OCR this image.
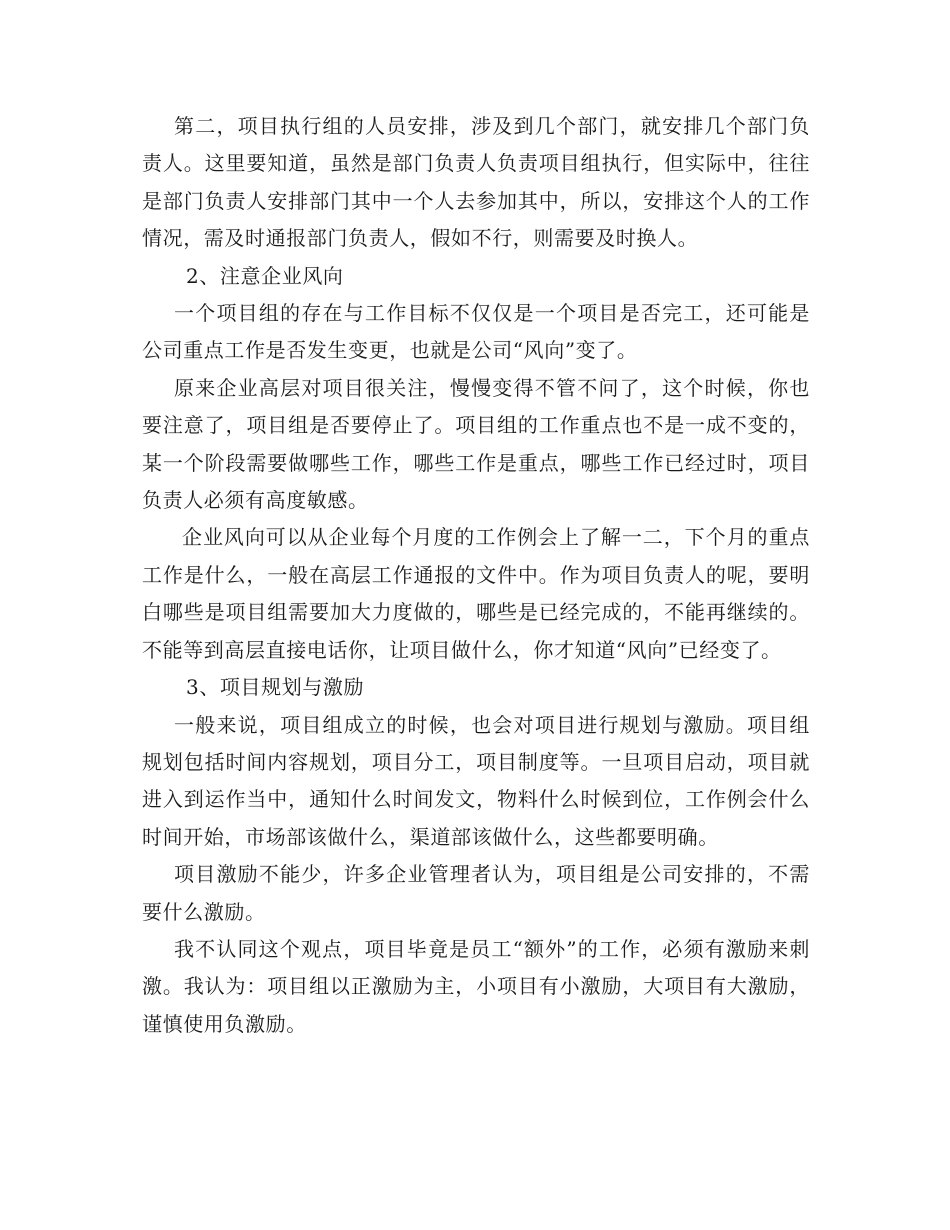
第二，项目执行组的人员安排，涉及到几个部门，就安排几个部门负责人。这里要知道，虽然是部门负责人负责项目组执行，但实际中，往往是部门负责人安排部门其中一个人去参加其中，所以，安排这个人的工作情况，需及时通报部门负责人，假如不行，则需要及时换人。

2、注意企业风向

一个项目组的存在与工作目标不仅仅是一个项目是否完工，还可能是公司重点工作是否发生变更，也就是公司“风向”变了。

原来企业高层对项目很关注，慢慢变得不管不问了，这个时候，你也要注意了，项目组是否要停止了。项目组的工作重点也不是一成不变的，某一个阶段需要做哪些工作，哪些工作是重点，哪些工作已经过时，项目负责人必须有高度敏感。

企业风向可以从企业每个月度的工作例会上了解一二，下个月的重点工作是什么，一般在高层工作通报的文件中。作为项目负责人的呢，要明白哪些是项目组需要加大力度做的，哪些是已经完成的，不能再继续的。不能等到高层直接电话你，让项目做什么，你才知道“风向”已经变了。

3、项目规划与激励

一般来说，项目组成立的时候，也会对项目进行规划与激励。项目组规划包括时间内容规划，项目分工，项目制度等。一旦项目启动，项目就进入到运作当中，通知什么时间发文，物料什么时候到位，工作例会什么时间开始，市场部该做什么，渠道部该做什么，这些都要明确。

项目激励不能少，许多企业管理者认为，项目组是公司安排的，不需要什么激励。

我不认同这个观点，项目毕竟是员工“额外”的工作，必须有激励来刺激。我认为：项目组以正激励为主，小项目有小激励，大项目有大激励，谨慎使用负激励。
